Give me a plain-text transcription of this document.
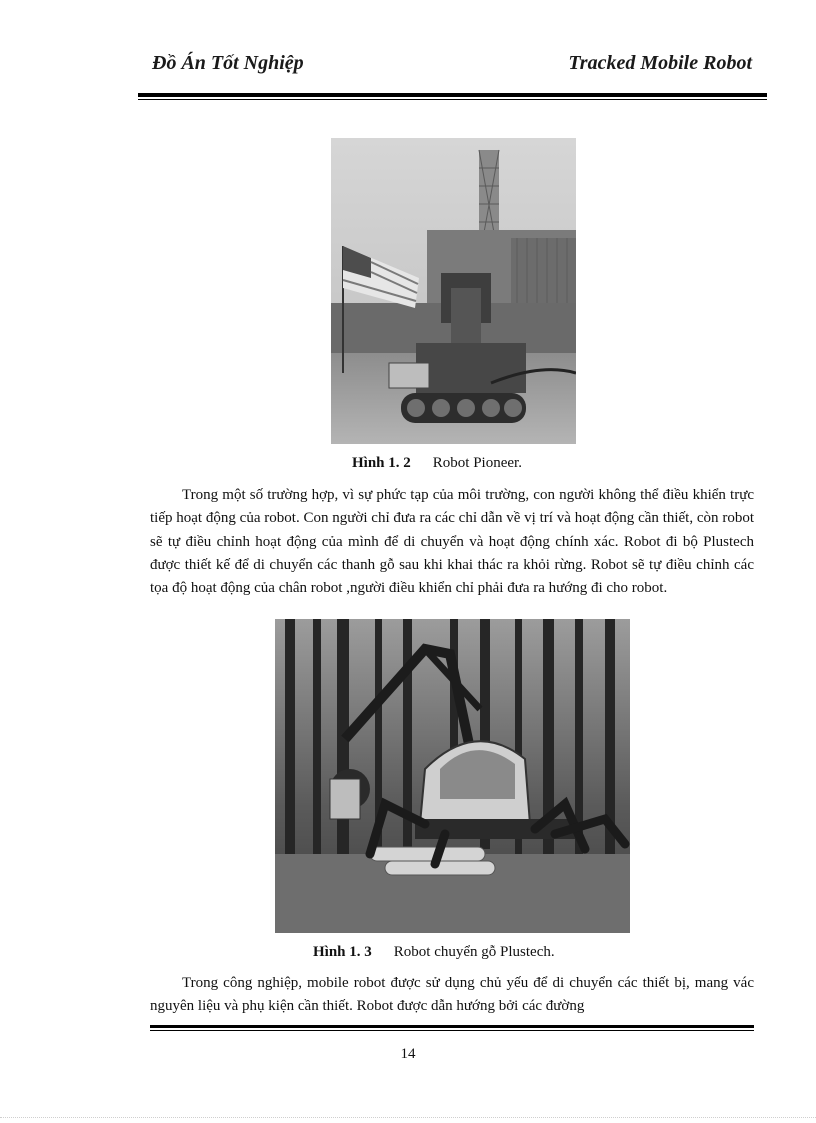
Đồ Án Tốt Nghiệp	Tracked Mobile Robot
Hình 1. 2 Robot Pioneer.
Trong một số trường hợp, vì sự phức tạp của môi trường, con người không thể điều khiển trực tiếp hoạt động của robot. Con người chỉ đưa ra các chỉ dẫn về vị trí và hoạt động cần thiết, còn robot sẽ tự điều chỉnh hoạt động của mình để di chuyển và hoạt động chính xác. Robot đi bộ Plustech được thiết kế để di chuyển các thanh gỗ sau khi khai thác ra khỏi rừng. Robot sẽ tự điều chỉnh các tọa độ hoạt động của chân robot ,người điều khiển chỉ phải đưa ra hướng đi cho robot.
Hình 1. 3 Robot chuyển gỗ Plustech.
Trong công nghiệp, mobile robot được sử dụng chủ yếu để di chuyển các thiết bị, mang vác nguyên liệu và phụ kiện cần thiết. Robot được dẫn hướng bởi các đường
14
